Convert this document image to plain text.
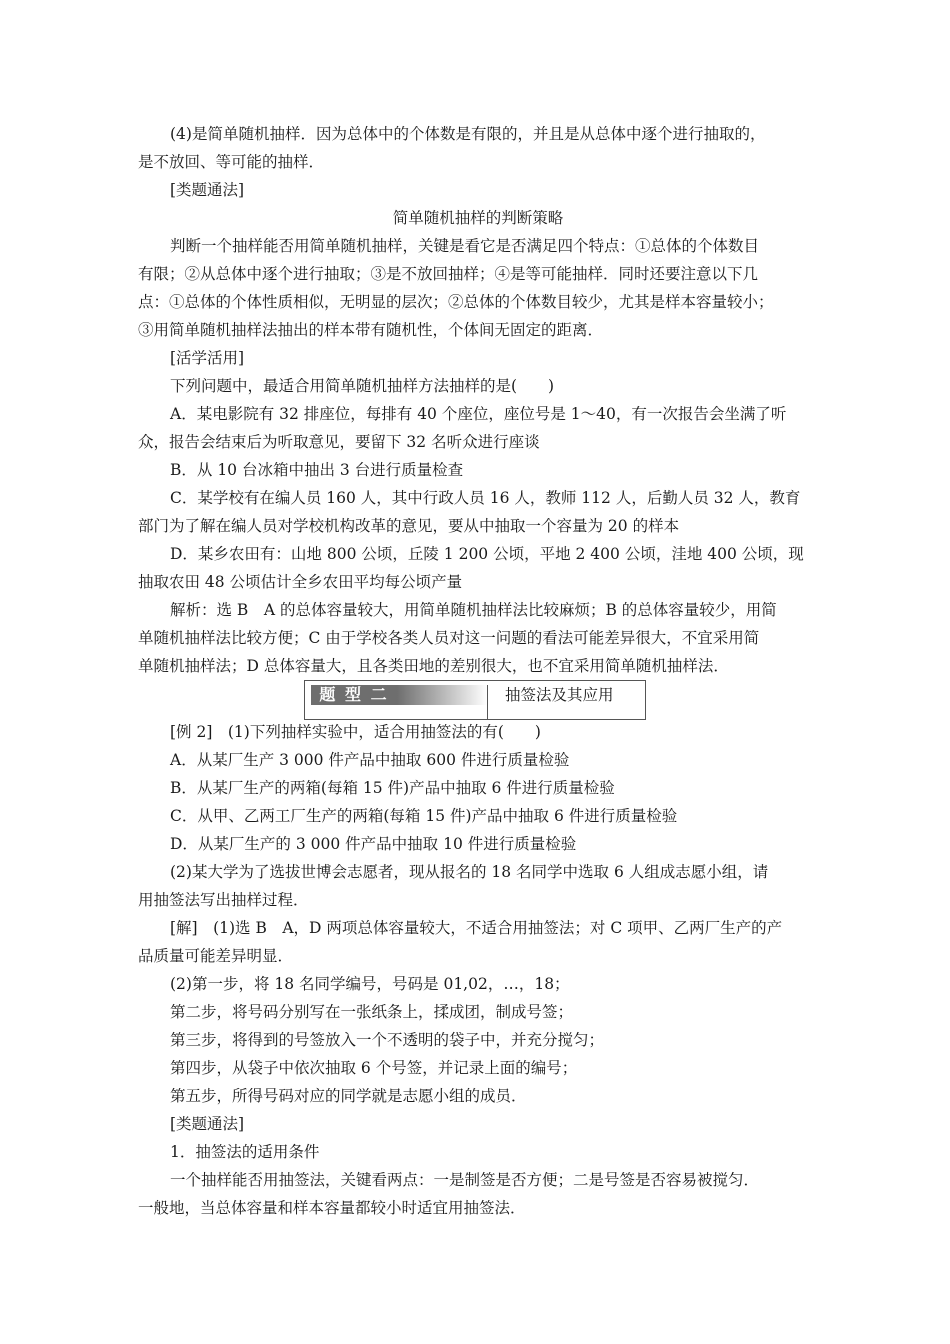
(4)是简单随机抽样．因为总体中的个体数是有限的，并且是从总体中逐个进行抽取的，
是不放回、等可能的抽样．
[类题通法]
简单随机抽样的判断策略
判断一个抽样能否用简单随机抽样，关键是看它是否满足四个特点：①总体的个体数目
有限；②从总体中逐个进行抽取；③是不放回抽样；④是等可能抽样．同时还要注意以下几
点：①总体的个体性质相似，无明显的层次；②总体的个体数目较少，尤其是样本容量较小；
③用简单随机抽样法抽出的样本带有随机性，个体间无固定的距离．
[活学活用]
下列问题中，最适合用简单随机抽样方法抽样的是(　　)
A．某电影院有 32 排座位，每排有 40 个座位，座位号是 1～40，有一次报告会坐满了听
众，报告会结束后为听取意见，要留下 32 名听众进行座谈
B．从 10 台冰箱中抽出 3 台进行质量检查
C．某学校有在编人员 160 人，其中行政人员 16 人，教师 112 人，后勤人员 32 人，教育
部门为了解在编人员对学校机构改革的意见，要从中抽取一个容量为 20 的样本
D．某乡农田有：山地 800 公顷，丘陵 1 200 公顷，平地 2 400 公顷，洼地 400 公顷，现
抽取农田 48 公顷估计全乡农田平均每公顷产量
解析：选 B　A 的总体容量较大，用简单随机抽样法比较麻烦；B 的总体容量较少，用简
单随机抽样法比较方便；C 由于学校各类人员对这一问题的看法可能差异很大，不宜采用简
单随机抽样法；D 总体容量大，且各类田地的差别很大，也不宜采用简单随机抽样法．
题 型 二	抽签法及其应用
[例 2]　(1)下列抽样实验中，适合用抽签法的有(　　)
A．从某厂生产 3 000 件产品中抽取 600 件进行质量检验
B．从某厂生产的两箱(每箱 15 件)产品中抽取 6 件进行质量检验
C．从甲、乙两工厂生产的两箱(每箱 15 件)产品中抽取 6 件进行质量检验
D．从某厂生产的 3 000 件产品中抽取 10 件进行质量检验
(2)某大学为了选拔世博会志愿者，现从报名的 18 名同学中选取 6 人组成志愿小组，请
用抽签法写出抽样过程．
[解]　(1)选 B　A，D 两项总体容量较大，不适合用抽签法；对 C 项甲、乙两厂生产的产
品质量可能差异明显．
(2)第一步，将 18 名同学编号，号码是 01,02，…，18；
第二步，将号码分别写在一张纸条上，揉成团，制成号签；
第三步，将得到的号签放入一个不透明的袋子中，并充分搅匀；
第四步，从袋子中依次抽取 6 个号签，并记录上面的编号；
第五步，所得号码对应的同学就是志愿小组的成员．
[类题通法]
1．抽签法的适用条件
一个抽样能否用抽签法，关键看两点：一是制签是否方便；二是号签是否容易被搅匀．
一般地，当总体容量和样本容量都较小时适宜用抽签法．
